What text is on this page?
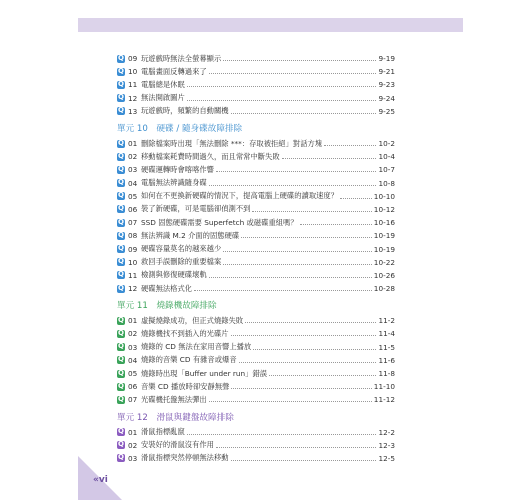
Q
09 玩遊戲時無法全螢幕顯示	9-19
Q
10 電腦畫面反轉過來了	9-21
Q
11 電腦總是休眠	9-23
Q
12 無法開啟圖片	9-24
Q
13 玩遊戲時，頻繁的自動關機	9-25
單元 10　硬碟 / 隨身碟故障排除
Q
01 刪除檔案時出現「無法刪除 ***：存取被拒絕」對話方塊	10-2
Q
02 移動檔案耗費時間過久，而且常常中斷失敗	10-4
Q
03 硬碟運轉時會喀喀作響	10-7
Q
04 電腦無法辨識隨身碟	10-8
Q
05 如何在不更換新硬碟的情況下，提高電腦上硬碟的讀取速度？	10-10
Q
06 裝了新硬碟，可是電腦卻偵測不到	10-12
Q
07 SSD 固態硬碟需要 Superfetch 或磁碟重組嗎？	10-16
Q
08 無法辨識 M.2 介面的固態硬碟	10-19
Q
09 硬碟容量莫名的越來越少	10-19
Q
10 救回手誤刪除的重要檔案	10-22
Q
11 檢測與修復硬碟壞軌	10-26
Q
12 硬碟無法格式化	10-28
單元 11　燒錄機故障排除
Q
01 虛擬燒錄成功，但正式燒錄失敗	11-2
Q
02 燒錄機找不到插入的光碟片	11-4
Q
03 燒錄的 CD 無法在家用音響上播放	11-5
Q
04 燒錄的音樂 CD 有雜音或爆音	11-6
Q
05 燒錄時出現「Buffer under run」錯誤	11-8
Q
06 音樂 CD 播放時卻安靜無聲	11-10
Q
07 光碟機托盤無法彈出	11-12
單元 12　滑鼠與鍵盤故障排除
Q
01 滑鼠指標亂竄	12-2
Q
02 安裝好的滑鼠沒有作用	12-3
Q
03 滑鼠指標突然停頓無法移動	12-5
«vi
